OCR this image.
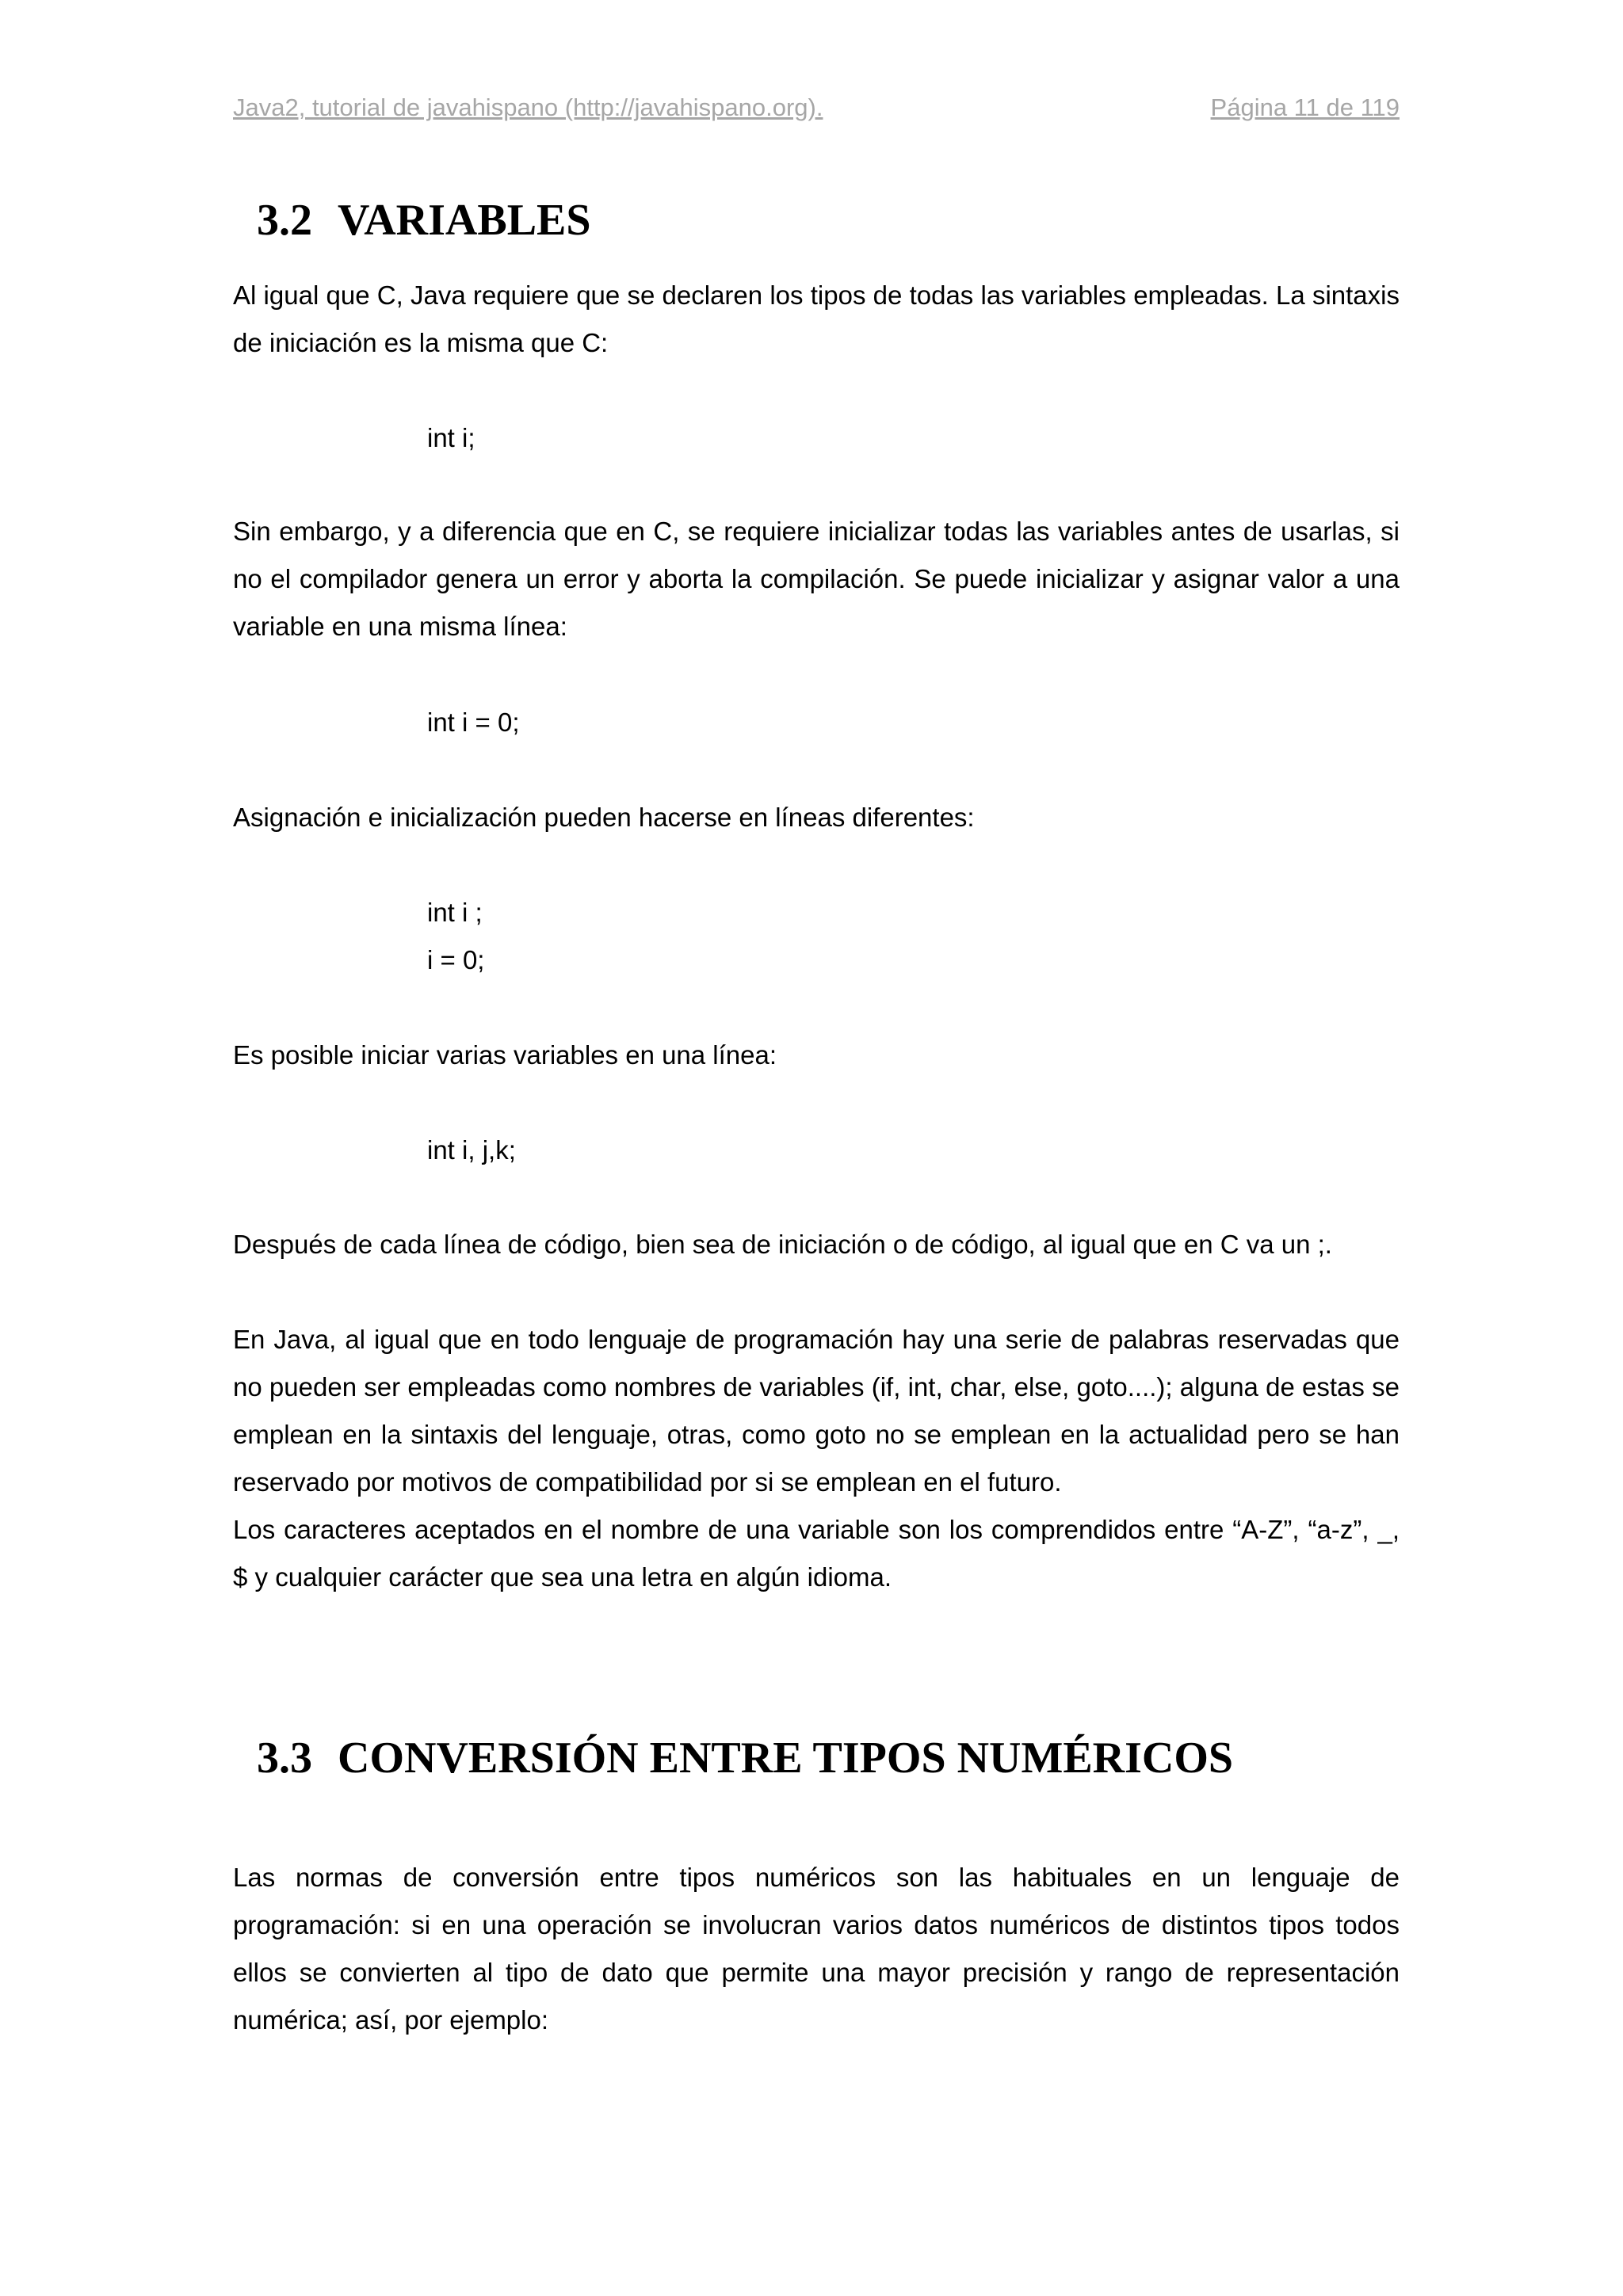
Java2, tutorial de javahispano (http://javahispano.org).	Página 11 de 119
3.2 VARIABLES

Al igual que C, Java requiere que se declaren los tipos de todas las variables empleadas. La sintaxis de iniciación es la misma que C:

int i;

Sin embargo, y a diferencia que en C, se requiere inicializar todas las variables antes de usarlas, si no el compilador genera un error y aborta la compilación. Se puede inicializar y asignar valor a una variable en una misma línea:

int i = 0;

Asignación e inicialización pueden hacerse en líneas diferentes:

int i ;
i = 0;

Es posible iniciar varias variables en una línea:

int i, j,k;

Después de cada línea de código, bien sea de iniciación o de código, al igual que en C va un ;.

En Java, al igual que en todo lenguaje de programación hay una serie de palabras reservadas que no pueden ser empleadas como nombres de variables (if, int, char, else, goto....); alguna de estas se emplean en la sintaxis del lenguaje, otras, como goto no se emplean en la actualidad pero se han reservado por motivos de compatibilidad por si se emplean en el futuro.

Los caracteres aceptados en el nombre de una variable son los comprendidos entre “A-Z”, “a-z”, _, $ y cualquier carácter que sea una letra en algún idioma.

3.3 CONVERSIÓN ENTRE TIPOS NUMÉRICOS

Las normas de conversión entre tipos numéricos son las habituales en un lenguaje de programación: si en una operación se involucran varios datos numéricos de distintos tipos todos ellos se convierten al tipo de dato que permite una mayor precisión y rango de representación numérica; así, por ejemplo:
